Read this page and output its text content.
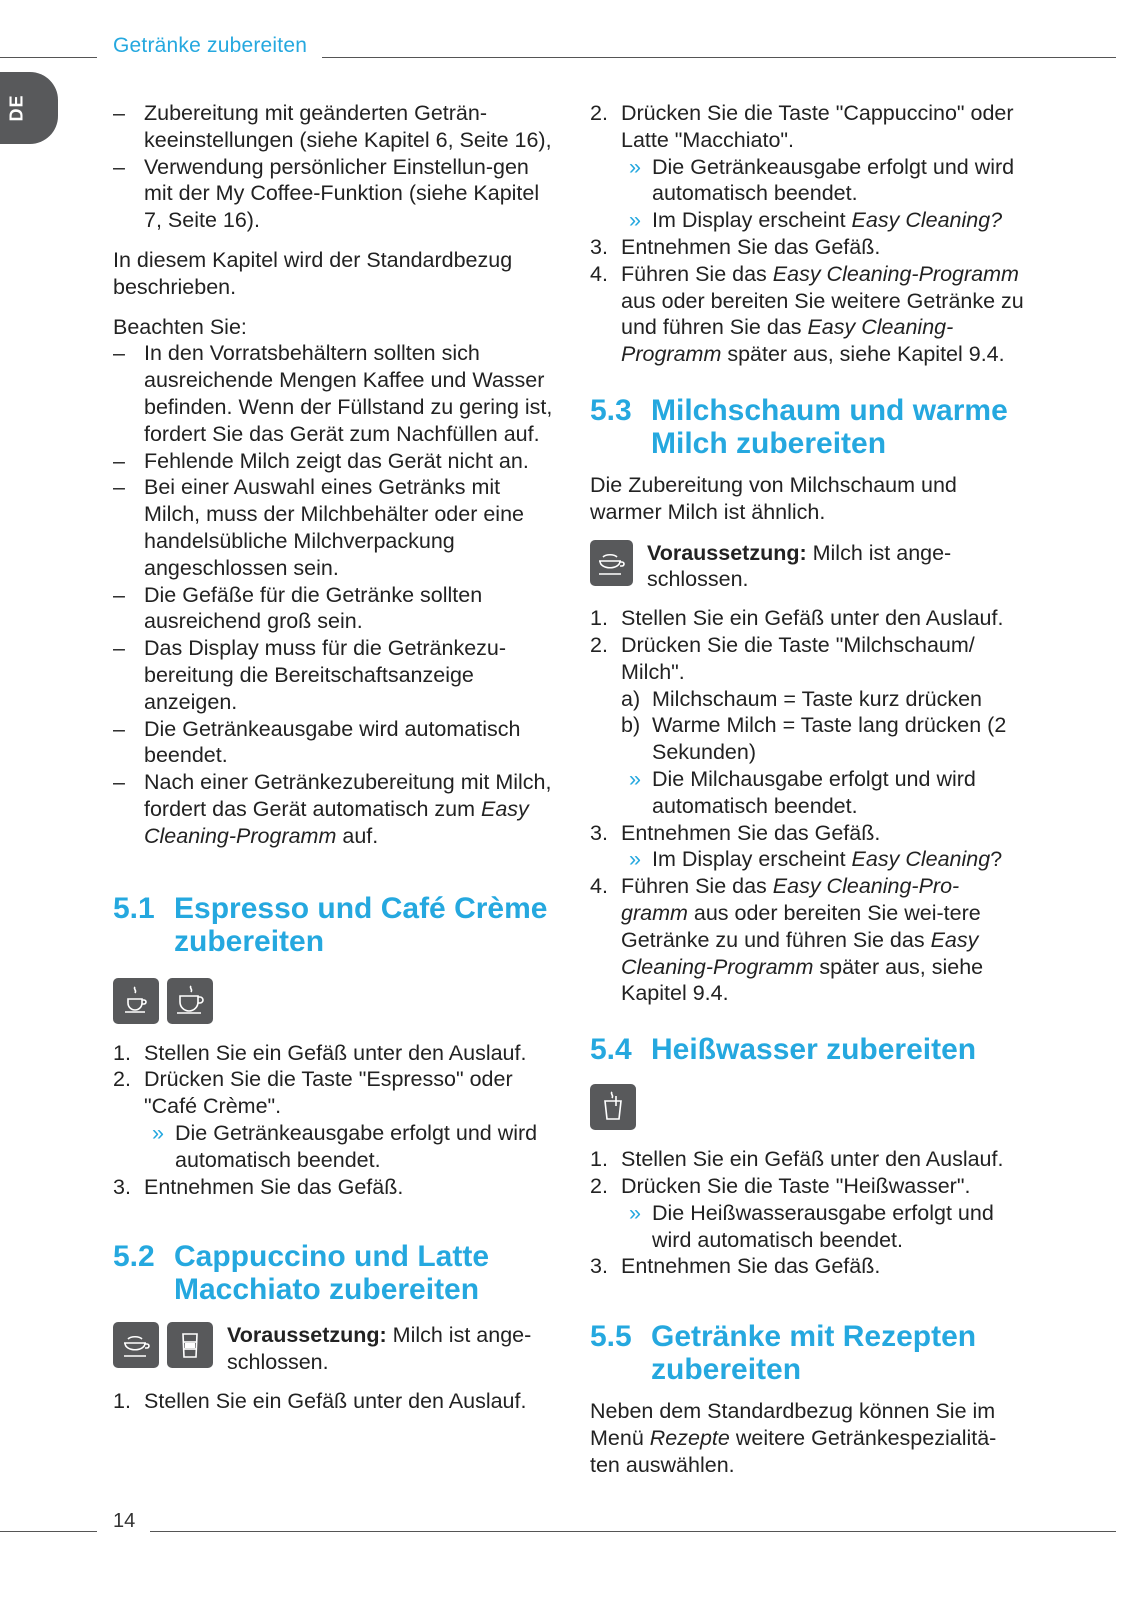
Getränke zubereiten
DE

–	Zubereitung mit geänderten Geträn-keeinstellungen (siehe Kapitel 6, Seite 16),

– Verwendung persönlicher Einstellun-gen mit der My Coffee-Funktion (siehe Kapitel 7, Seite 16).

In diesem Kapitel wird der Standardbezug beschrieben.

Beachten Sie:

– In den Vorratsbehältern sollten sich ausreichende Mengen Kaffee und Wasser befinden. Wenn der Füllstand zu gering ist, fordert Sie das Gerät zum Nachfüllen auf.

– Fehlende Milch zeigt das Gerät nicht an.

– Bei einer Auswahl eines Getränks mit Milch, muss der Milchbehälter oder eine handelsübliche Milchverpackung angeschlossen sein.

– Die Gefäße für die Getränke sollten ausreichend groß sein.

– Das Display muss für die Getränkezu-bereitung die Bereitschaftsanzeige anzeigen.

– Die Getränkeausgabe wird automatisch beendet.

– Nach einer Getränkezubereitung mit Milch, fordert das Gerät automatisch zum Easy Cleaning-Programm auf.

5.1 Espresso und Café Crème zubereiten

1. Stellen Sie ein Gefäß unter den Auslauf.

2. Drücken Sie die Taste "Espresso" oder "Café Crème".

» Die Getränkeausgabe erfolgt und wird automatisch beendet.

3. Entnehmen Sie das Gefäß.

5.2 Cappuccino und Latte Macchiato zubereiten

Voraussetzung: Milch ist ange-schlossen.

1. Stellen Sie ein Gefäß unter den Auslauf.

2. Drücken Sie die Taste "Cappuccino" oder Latte "Macchiato".

» Die Getränkeausgabe erfolgt und wird automatisch beendet.

» Im Display erscheint Easy Cleaning?

3. Entnehmen Sie das Gefäß.

4. Führen Sie das Easy Cleaning-Programm aus oder bereiten Sie weitere Getränke zu und führen Sie das Easy Cleaning-Programm später aus, siehe Kapitel 9.4.

5.3 Milchschaum und warme Milch zubereiten

Die Zubereitung von Milchschaum und warmer Milch ist ähnlich.

Voraussetzung: Milch ist ange-schlossen.

1. Stellen Sie ein Gefäß unter den Auslauf.

2. Drücken Sie die Taste "Milchschaum/ Milch".

a) Milchschaum = Taste kurz drücken

b) Warme Milch = Taste lang drücken (2 Sekunden)

» Die Milchausgabe erfolgt und wird automatisch beendet.

3. Entnehmen Sie das Gefäß.

» Im Display erscheint Easy Cleaning?

4. Führen Sie das Easy Cleaning-Pro-gramm aus oder bereiten Sie wei-tere Getränke zu und führen Sie das Easy Cleaning-Programm später aus, siehe Kapitel 9.4.

5.4 Heißwasser zubereiten

1. Stellen Sie ein Gefäß unter den Auslauf.

2. Drücken Sie die Taste "Heißwasser".

» Die Heißwasserausgabe erfolgt und wird automatisch beendet.

3. Entnehmen Sie das Gefäß.

5.5 Getränke mit Rezepten zubereiten

Neben dem Standardbezug können Sie im Menü Rezepte weitere Getränkespezialitä-ten auswählen.

14
